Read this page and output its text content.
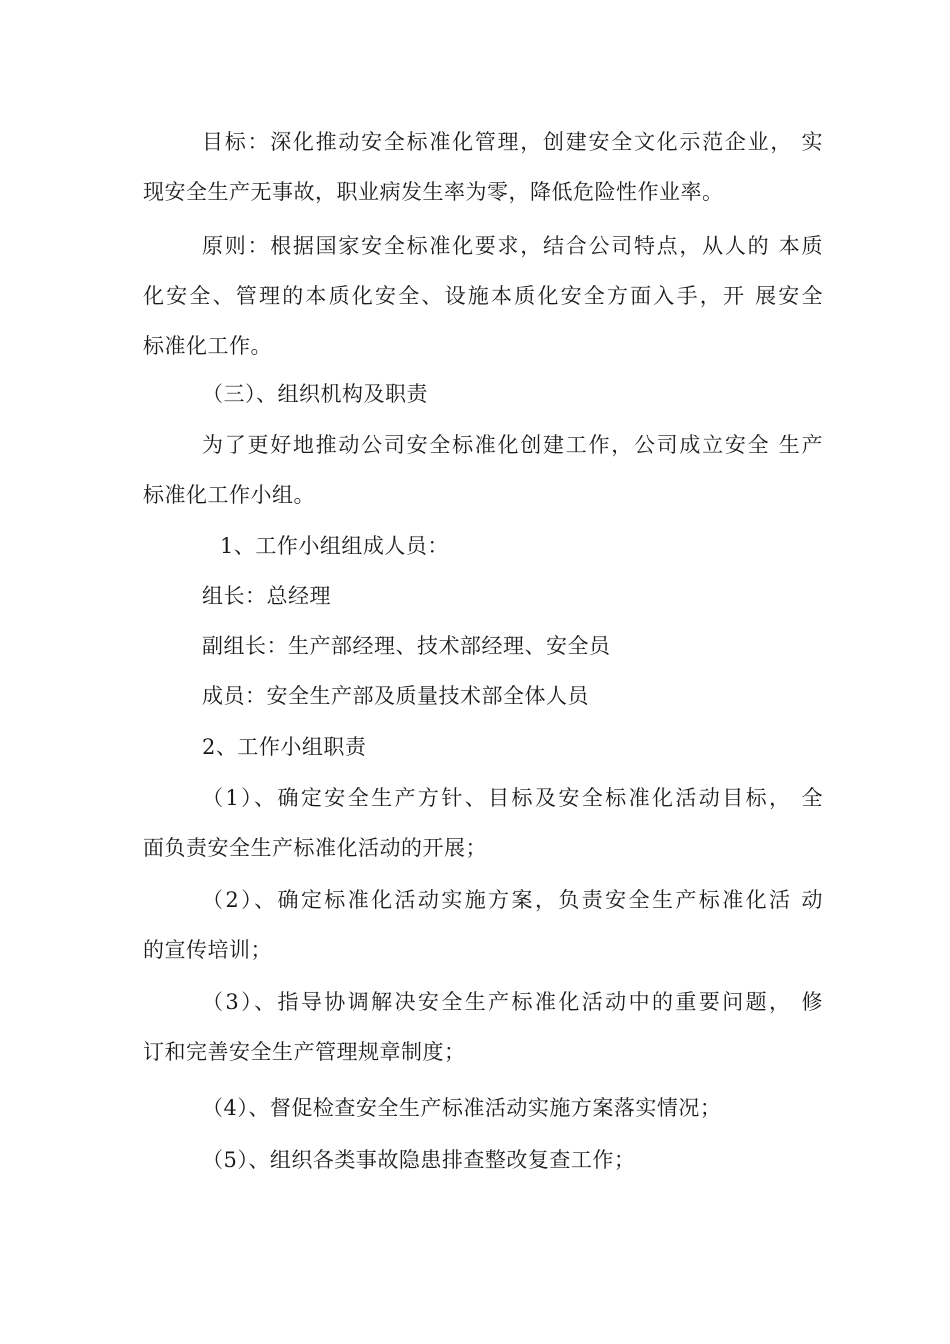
目标：深化推动安全标准化管理，创建安全文化示范企业， 实
现安全生产无事故，职业病发生率为零，降低危险性作业率。
原则：根据国家安全标准化要求，结合公司特点，从人的 本质
化安全、管理的本质化安全、设施本质化安全方面入手，开 展安全
标准化工作。
（三）、组织机构及职责
为了更好地推动公司安全标准化创建工作，公司成立安全 生产
标准化工作小组。
1、工作小组组成人员：
组长：总经理
副组长：生产部经理、技术部经理、安全员
成员：安全生产部及质量技术部全体人员
2、工作小组职责
（1）、确定安全生产方针、目标及安全标准化活动目标， 全
面负责安全生产标准化活动的开展；
（2）、确定标准化活动实施方案，负责安全生产标准化活 动
的宣传培训；
（3）、指导协调解决安全生产标准化活动中的重要问题， 修
订和完善安全生产管理规章制度；
（4）、督促检查安全生产标准活动实施方案落实情况；
（5）、组织各类事故隐患排查整改复查工作；
